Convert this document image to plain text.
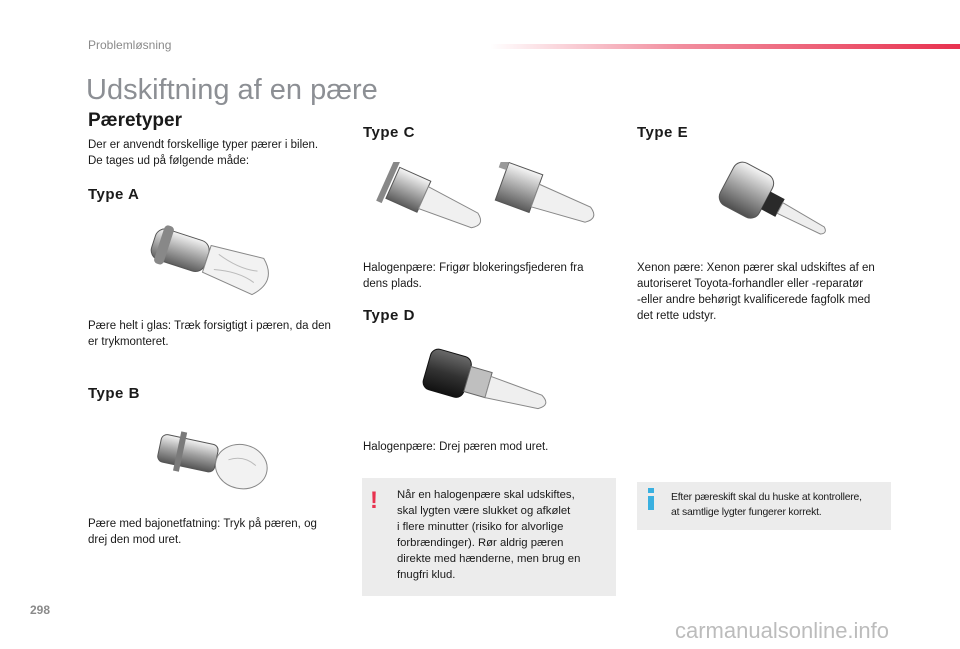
Problemløsning
Udskiftning af en pære
Pæretyper
Der er anvendt forskellige typer pærer i bilen.
De tages ud på følgende måde:
Type A
Pære helt i glas: Træk forsigtigt i pæren, da den
er trykmonteret.
Type B
Pære med bajonetfatning: Tryk på pæren, og
drej den mod uret.
Type C
Halogenpære: Frigør blokeringsfjederen fra
dens plads.
Type D
Halogenpære: Drej pæren mod uret.
! Når en halogenpære skal udskiftes,
skal lygten være slukket og afkølet
i flere minutter (risiko for alvorlige
forbrændinger). Rør aldrig pæren
direkte med hænderne, men brug en
fnugfri klud.
Type E
Xenon pære: Xenon pærer skal udskiftes af en
autoriseret Toyota-forhandler eller -reparatør
-eller andre behørigt kvalificerede fagfolk med
det rette udstyr.
Efter pæreskift skal du huske at kontrollere,
at samtlige lygter fungerer korrekt.
298
carmanualsonline.info
